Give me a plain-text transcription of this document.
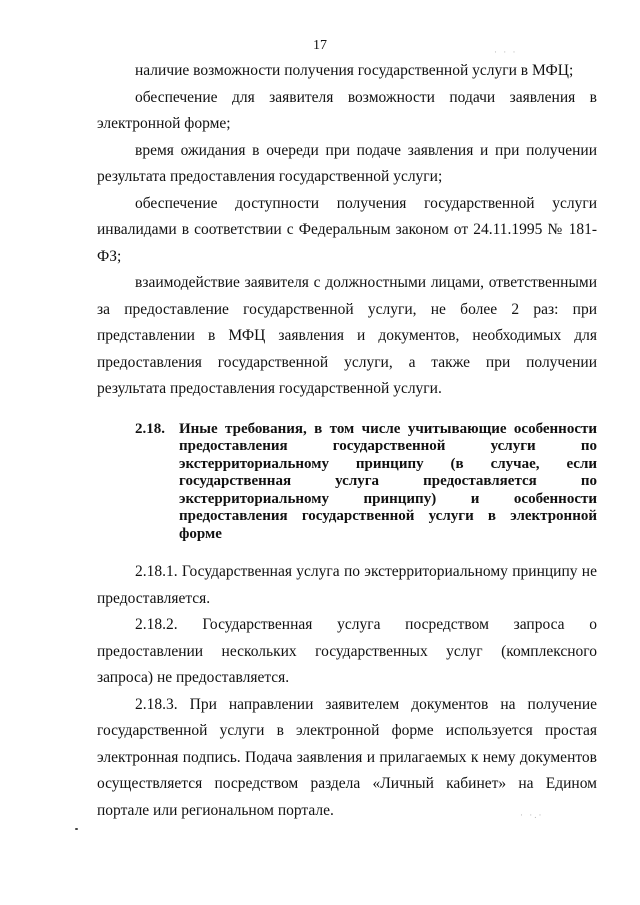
17	· · ·

наличие возможности получения государственной услуги в МФЦ;

обеспечение для заявителя возможности подачи заявления в электронной форме;

время ожидания в очереди при подаче заявления и при получении результата предоставления государственной услуги;

обеспечение доступности получения государственной услуги инвалидами в соответствии с Федеральным законом от 24.11.1995 № 181-ФЗ;

взаимодействие заявителя с должностными лицами, ответственными за предоставление государственной услуги, не более 2 раз: при представлении в МФЦ заявления и документов, необходимых для предоставления государственной услуги, а также при получении результата предоставления государственной услуги.

2.18. Иные требования, в том числе учитывающие особенности предоставления государственной услуги по экстерриториальному принципу (в случае, если государственная услуга предоставляется по экстерриториальному принципу) и особенности предоставления государственной услуги в электронной форме

2.18.1. Государственная услуга по экстерриториальному принципу не предоставляется.

2.18.2. Государственная услуга посредством запроса о предоставлении нескольких государственных услуг (комплексного запроса) не предоставляется.

2.18.3. При направлении заявителем документов на получение государственной услуги в электронной форме используется простая электронная подпись. Подача заявления и прилагаемых к нему документов осуществляется посредством раздела «Личный кабинет» на Едином портале или региональном портале.	· ·.·
